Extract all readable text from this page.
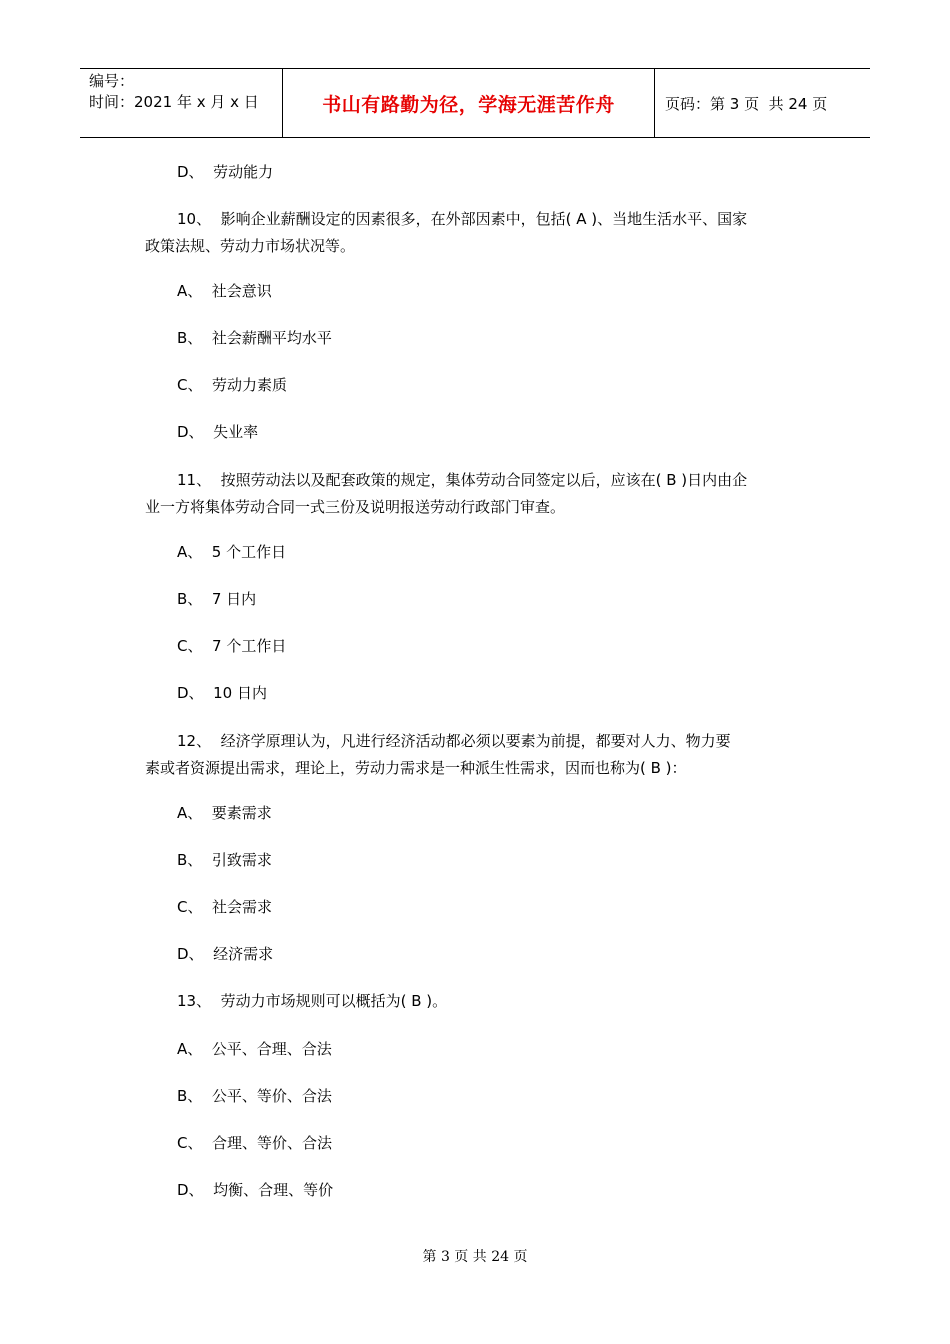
编号：
时间：2021 年 x 月 x 日	书山有路勤为径，学海无涯苦作舟	页码：第 3 页  共 24 页
D、  劳动能力
10、  影响企业薪酬设定的因素很多，在外部因素中，包括( A )、当地生活水平、国家
政策法规、劳动力市场状况等。
A、  社会意识
B、  社会薪酬平均水平
C、  劳动力素质
D、  失业率
11、  按照劳动法以及配套政策的规定，集体劳动合同签定以后，应该在( B )日内由企
业一方将集体劳动合同一式三份及说明报送劳动行政部门审查。
A、  5 个工作日
B、  7 日内
C、  7 个工作日
D、  10 日内
12、  经济学原理认为，凡进行经济活动都必须以要素为前提，都要对人力、物力要
素或者资源提出需求，理论上，劳动力需求是一种派生性需求，因而也称为( B )：
A、  要素需求
B、  引致需求
C、  社会需求
D、  经济需求
13、  劳动力市场规则可以概括为( B )。
A、  公平、合理、合法
B、  公平、等价、合法
C、  合理、等价、合法
D、  均衡、合理、等价
第 3 页 共 24 页
